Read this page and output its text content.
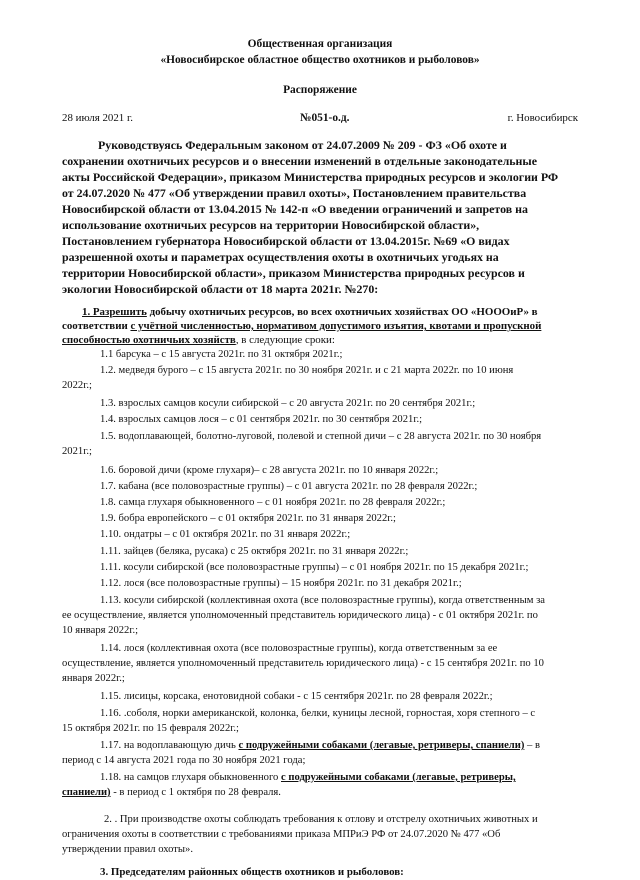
Общественная организация
«Новосибирское областное общество охотников и рыболовов»
Распоряжение
28 июля 2021 г.	№051-о.д.	г. Новосибирск
Руководствуясь Федеральным законом от 24.07.2009 № 209 - ФЗ «Об охоте и
сохранении охотничьих ресурсов и о внесении изменений в отдельные законодательные
акты Российской Федерации», приказом Министерства природных ресурсов и экологии РФ
от 24.07.2020 № 477 «Об утверждении правил охоты», Постановлением правительства
Новосибирской области от 13.04.2015 № 142-п «О введении ограничений и запретов на
использование охотничьих ресурсов на территории Новосибирской области»,
Постановлением губернатора Новосибирской области от 13.04.2015г. №69 «О видах
разрешенной охоты и параметрах осуществления охоты в охотничьих угодьях на
территории Новосибирской области», приказом Министерства природных ресурсов и
экологии Новосибирской области от 18 марта 2021г. №270:
1. Разрешить добычу охотничьих ресурсов, во всех охотничьих хозяйствах ОО «НОООиР» в
соответствии с учётной численностью, нормативом допустимого изъятия, квотами и пропускной
способностью охотничьих хозяйств, в следующие сроки:
1.1 барсука – с 15 августа 2021г. по 31 октября 2021г.;
1.2. медведя бурого – с 15 августа 2021г. по 30 ноября 2021г. и с 21 марта 2022г. по 10 июня
2022г.;
1.3. взрослых самцов косули сибирской – с 20 августа 2021г. по 20 сентября 2021г.;
1.4. взрослых самцов лося – с 01 сентября 2021г. по 30 сентября 2021г.;
1.5. водоплавающей, болотно-луговой, полевой и степной дичи – с 28 августа 2021г. по 30 ноября
2021г.;
1.6. боровой дичи (кроме глухаря)– с 28 августа 2021г. по 10 января 2022г.;
1.7. кабана (все половозрастные группы) – с 01 августа 2021г. по 28 февраля 2022г.;
1.8. самца глухаря обыкновенного – с 01 ноября 2021г. по 28 февраля 2022г.;
1.9. бобра европейского – с 01 октября 2021г. по 31 января 2022г.;
1.10. ондатры – с 01 октября 2021г. по 31 января 2022г.;
1.11. зайцев (беляка, русака) с 25 октября 2021г. по 31 января 2022г.;
1.11. косули сибирской (все половозрастные группы) – с 01 ноября 2021г. по 15 декабря 2021г.;
1.12. лося (все половозрастные группы) – 15 ноября 2021г. по 31 декабря 2021г.;
1.13. косули сибирской (коллективная охота (все половозрастные группы), когда ответственным за
ее осуществление, является уполномоченный представитель юридического лица) - с 01 октября 2021г. по
10 января 2022г.;
1.14. лося (коллективная охота (все половозрастные группы), когда ответственным за ее
осуществление, является уполномоченный представитель юридического лица) - с 15 сентября 2021г. по 10
января 2022г.;
1.15. лисицы, корсака, енотовидной собаки - с 15 сентября 2021г. по 28 февраля 2022г.;
1.16. .соболя, норки американской, колонка, белки, куницы лесной, горностая, хоря степного – с
15 октября 2021г. по 15 февраля 2022г.;
1.17. на водоплавающую дичь с подружейными собаками (легавые, ретриверы, спаниели) – в
период с 14 августа 2021 года по 30 ноября 2021 года;
1.18. на самцов глухаря обыкновенного с подружейными собаками (легавые, ретриверы,
спаниели) - в период с 1 октября по 28 февраля.
2. . При производстве охоты соблюдать требования к отлову и отстрелу охотничьих животных и
ограничения охоты в соответствии с требованиями приказа МПРиЭ РФ от 24.07.2020 № 477 «Об
утверждении правил охоты».
3. Председателям районных обществ охотников и рыболовов:
